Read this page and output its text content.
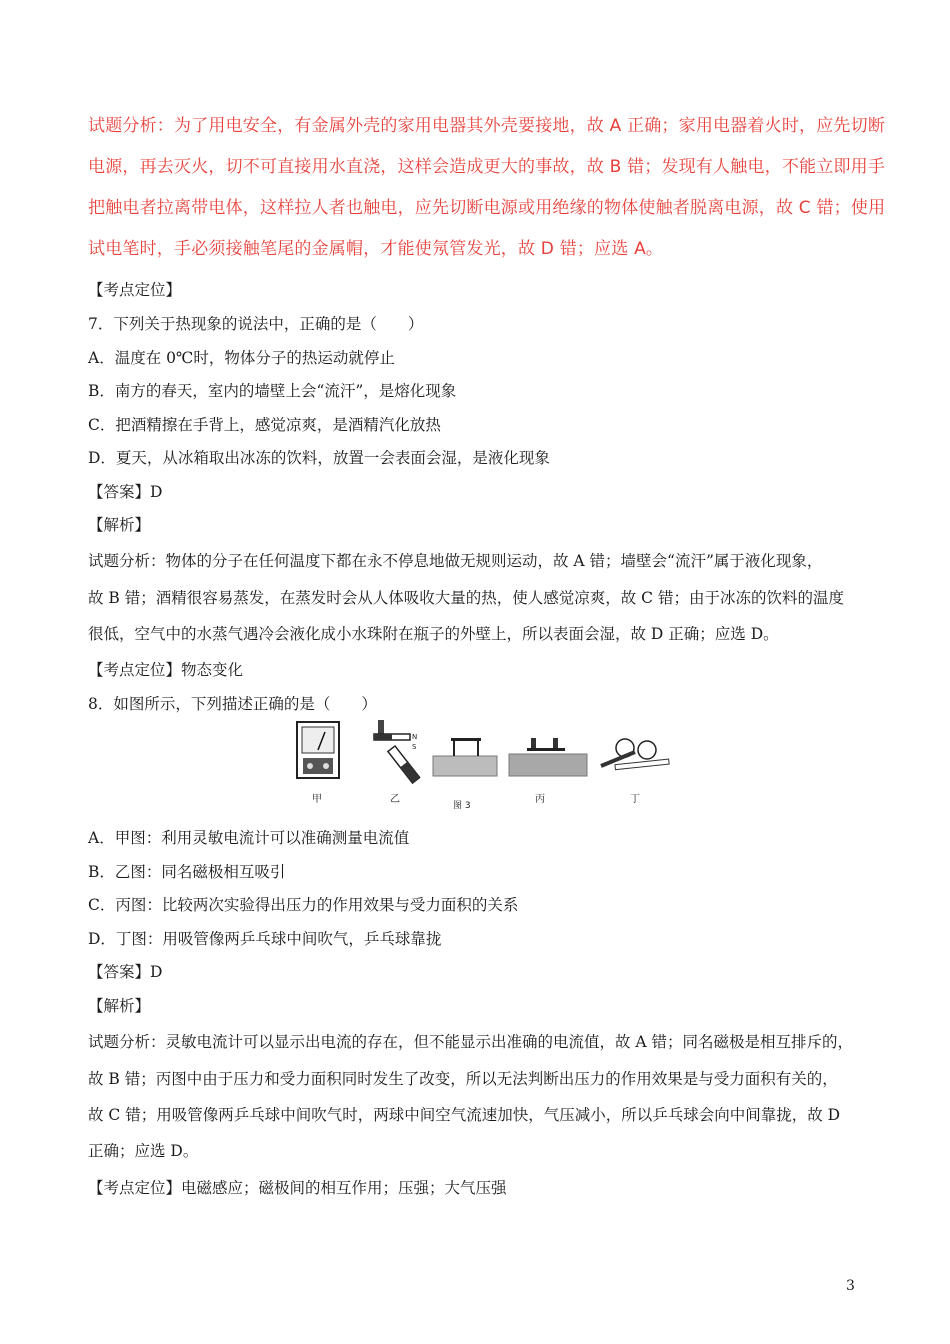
试题分析：为了用电安全，有金属外壳的家用电器其外壳要接地，故 A 正确；家用电器着火时，应先切断
电源，再去灭火，切不可直接用水直浇，这样会造成更大的事故，故 B 错；发现有人触电，不能立即用手
把触电者拉离带电体，这样拉人者也触电，应先切断电源或用绝缘的物体使触者脱离电源，故 C 错；使用
试电笔时，手必须接触笔尾的金属帽，才能使氖管发光，故 D 错；应选 A。
【考点定位】
7．下列关于热现象的说法中，正确的是（　　）
A．温度在 0℃时，物体分子的热运动就停止
B．南方的春天，室内的墙壁上会“流汗”，是熔化现象
C．把酒精擦在手背上，感觉凉爽，是酒精汽化放热
D．夏天，从冰箱取出冰冻的饮料，放置一会表面会湿，是液化现象
【答案】D
【解析】
试题分析：物体的分子在任何温度下都在永不停息地做无规则运动，故 A 错；墙壁会“流汗”属于液化现象，
故 B 错；酒精很容易蒸发，在蒸发时会从人体吸收大量的热，使人感觉凉爽，故 C 错；由于冰冻的饮料的温度
很低，空气中的水蒸气遇冷会液化成小水珠附在瓶子的外壁上，所以表面会湿，故 D 正确；应选 D。
【考点定位】物态变化
8．如图所示，下列描述正确的是（　　）
N
S
甲	乙
图 3
丙	丁
A．甲图：利用灵敏电流计可以准确测量电流值
B．乙图：同名磁极相互吸引
C．丙图：比较两次实验得出压力的作用效果与受力面积的关系
D．丁图：用吸管像两乒乓球中间吹气，乒乓球靠拢
【答案】D
【解析】
试题分析：灵敏电流计可以显示出电流的存在，但不能显示出准确的电流值，故 A 错；同名磁极是相互排斥的，
故 B 错；丙图中由于压力和受力面积同时发生了改变，所以无法判断出压力的作用效果是与受力面积有关的，
故 C 错；用吸管像两乒乓球中间吹气时，两球中间空气流速加快，气压减小，所以乒乓球会向中间靠拢，故 D
正确；应选 D。
【考点定位】电磁感应；磁极间的相互作用；压强；大气压强
3
